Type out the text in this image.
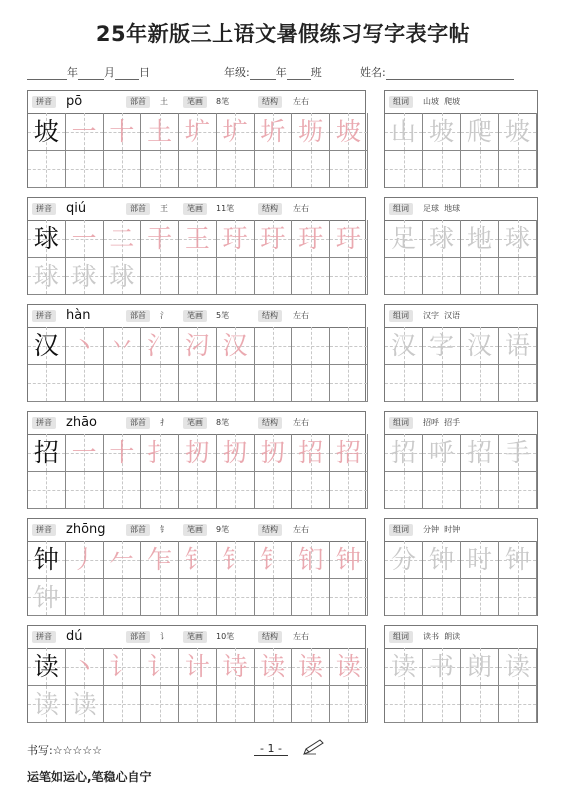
25年新版三上语文暑假练习写字表字帖
年 月 日	年级: 年 班	姓名:
拼音	pō	部首	土	笔画	8笔	结构	左右
坡 一 十 土 圹 圹 圻 坜 坡
组词	山坡  爬坡
山 坡 爬 坡
拼音	qiú	部首	王	笔画	11笔	结构	左右
球 一 二 干 王 玗 玗 玗 玗
球 球 球
组词	足球  地球
足 球 地 球
拼音	hàn	部首	氵	笔画	5笔	结构	左右
汉 丶 丷 氵 汈 汉
组词	汉字  汉语
汉 字 汉 语
拼音	zhāo	部首	扌	笔画	8笔	结构	左右
招 一 十 扌 扨 扨 扨 招 招
组词	招呼  招手
招 呼 招 手
拼音	zhōng	部首	钅	笔画	9笔	结构	左右
钟 丿 𠂉 乍 钅 钅 钅 钔 钟
钟
组词	分钟  时钟
分 钟 时 钟
拼音	dú	部首	讠	笔画	10笔	结构	左右
读 丶 讠 讠 计 诗 读 读 读
读 读
组词	读书  朗读
读 书 朗 读
书写:☆☆☆☆☆	- 1 -
运笔如运心,笔稳心自宁
